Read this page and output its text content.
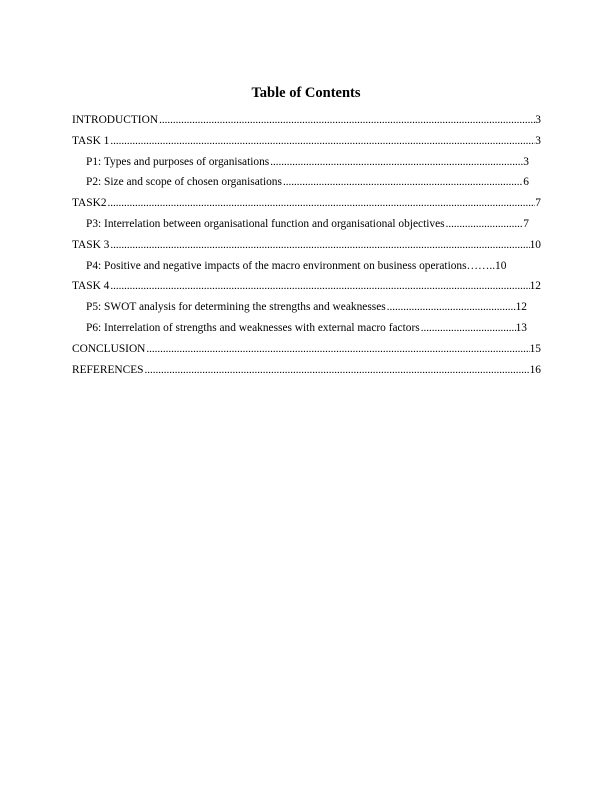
Table of Contents
INTRODUCTION .....	3
TASK 1 .....	3
P1: Types and purposes of organisations .....	3
P2: Size and scope of chosen organisations .....	6
TASK2 .....	7
P3: Interrelation between organisational function and organisational objectives .....	7
TASK 3 .....	10
P4: Positive and negative impacts of the macro environment on business operations…….. 10
TASK 4 .....	12
P5: SWOT analysis for determining the strengths and weaknesses .....	12
P6: Interrelation of strengths and weaknesses with external macro factors .....	13
CONCLUSION .....	15
REFERENCES .....	16
